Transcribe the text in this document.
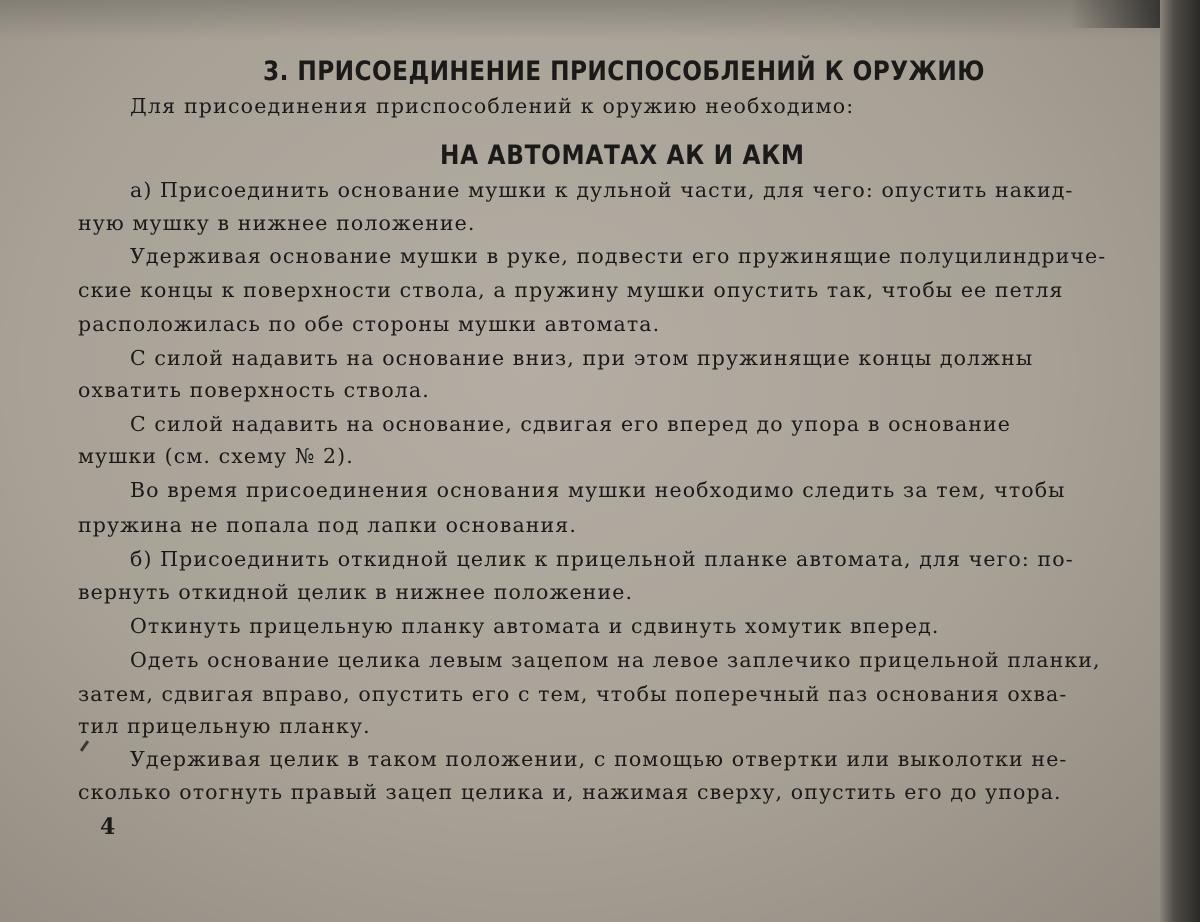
3. ПРИСОЕДИНЕНИЕ ПРИСПОСОБЛЕНИЙ К ОРУЖИЮ
Для присоединения приспособлений к оружию необходимо:
НА АВТОМАТАХ АК И АКМ
а) Присоединить основание мушки к дульной части, для чего: опустить накид-
ную мушку в нижнее положение.
Удерживая основание мушки в руке, подвести его пружинящие полуцилиндриче-
ские концы к поверхности ствола, а пружину мушки опустить так, чтобы ее петля
расположилась по обе стороны мушки автомата.
С силой надавить на основание вниз, при этом пружинящие концы должны
охватить поверхность ствола.
С силой надавить на основание, сдвигая его вперед до упора в основание
мушки (см. схему № 2).
Во время присоединения основания мушки необходимо следить за тем, чтобы
пружина не попала под лапки основания.
б) Присоединить откидной целик к прицельной планке автомата, для чего: по-
вернуть откидной целик в нижнее положение.
Откинуть прицельную планку автомата и сдвинуть хомутик вперед.
Одеть основание целика левым зацепом на левое заплечико прицельной планки,
затем, сдвигая вправо, опустить его с тем, чтобы поперечный паз основания охва-
тил прицельную планку.
Удерживая целик в таком положении, с помощью отвертки или выколотки не-
сколько отогнуть правый зацеп целика и, нажимая сверху, опустить его до упора.
4
